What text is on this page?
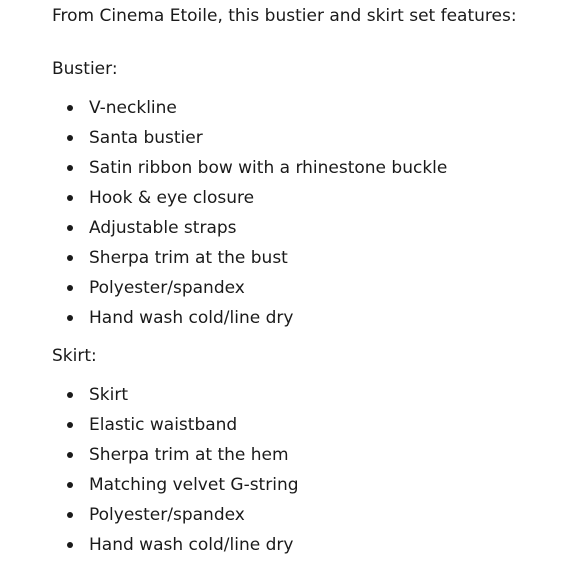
From Cinema Etoile, this bustier and skirt set features:

Bustier:

V-neckline
Santa bustier
Satin ribbon bow with a rhinestone buckle
Hook & eye closure
Adjustable straps
Sherpa trim at the bust
Polyester/spandex
Hand wash cold/line dry

Skirt:

Skirt
Elastic waistband
Sherpa trim at the hem
Matching velvet G-string
Polyester/spandex
Hand wash cold/line dry
